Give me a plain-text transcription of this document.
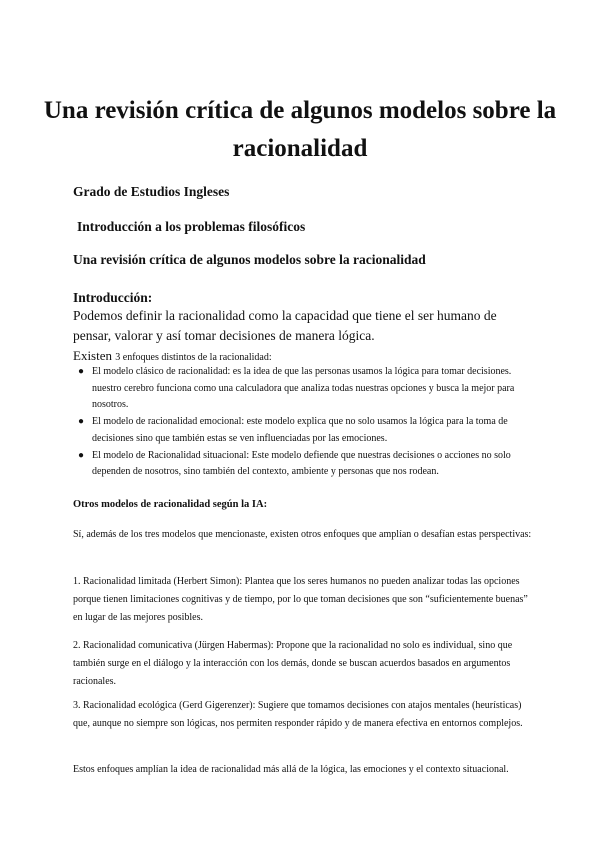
Una revisión crítica de algunos modelos sobre la racionalidad
Grado de Estudios Ingleses
Introducción a los problemas filosóficos
Una revisión crítica de algunos modelos sobre la racionalidad
Introducción:

Podemos definir la racionalidad como la capacidad que tiene el ser humano de pensar, valorar y así tomar decisiones de manera lógica.

Existen 3 enfoques distintos de la racionalidad:
● El modelo clásico de racionalidad: es la idea de que las personas usamos la lógica para tomar decisiones. nuestro cerebro funciona como una calculadora que analiza todas nuestras opciones y busca la mejor para nosotros.
● El modelo de racionalidad emocional: este modelo explica que no solo usamos la lógica para la toma de decisiones sino que también estas se ven influenciadas por las emociones.
● El modelo de Racionalidad situacional: Este modelo defiende que nuestras decisiones o acciones no solo dependen de nosotros, sino también del contexto, ambiente y personas que nos rodean.
Otros modelos de racionalidad según la IA:

Sí, además de los tres modelos que mencionaste, existen otros enfoques que amplían o desafían estas perspectivas:

1. Racionalidad limitada (Herbert Simon): Plantea que los seres humanos no pueden analizar todas las opciones porque tienen limitaciones cognitivas y de tiempo, por lo que toman decisiones que son “suficientemente buenas” en lugar de las mejores posibles.

2. Racionalidad comunicativa (Jürgen Habermas): Propone que la racionalidad no solo es individual, sino que también surge en el diálogo y la interacción con los demás, donde se buscan acuerdos basados en argumentos racionales.

3. Racionalidad ecológica (Gerd Gigerenzer): Sugiere que tomamos decisiones con atajos mentales (heurísticas) que, aunque no siempre son lógicas, nos permiten responder rápido y de manera efectiva en entornos complejos.

Estos enfoques amplían la idea de racionalidad más allá de la lógica, las emociones y el contexto situacional.
